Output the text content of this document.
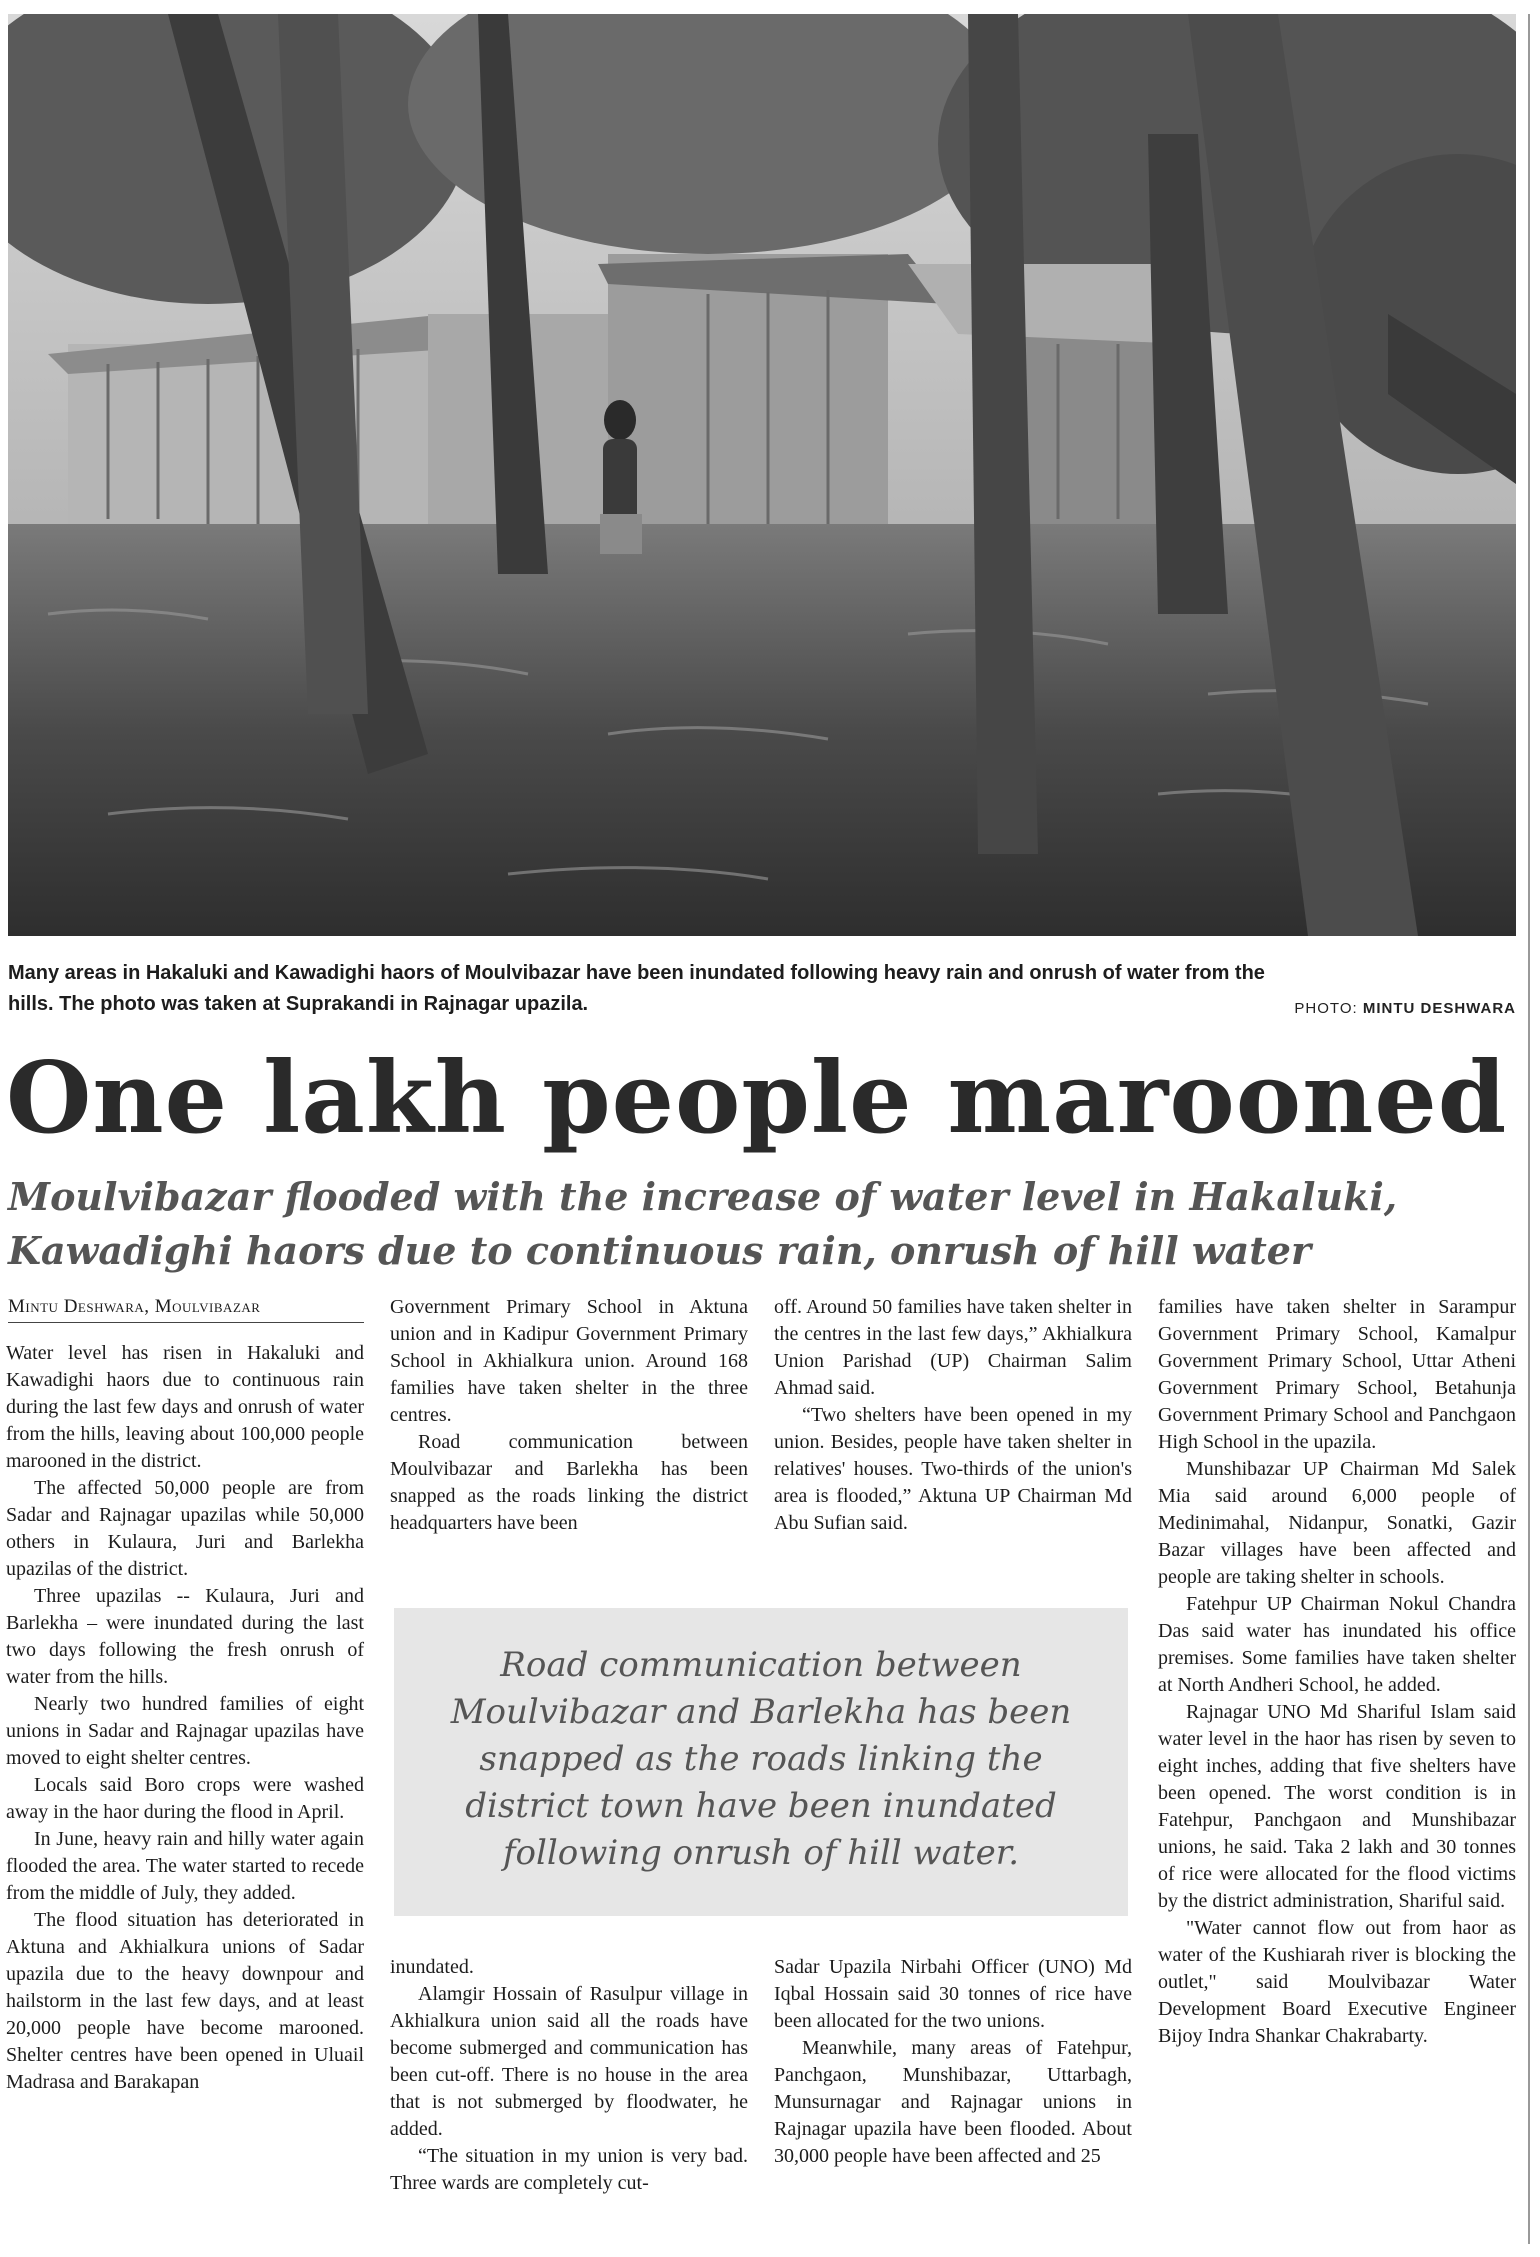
Many areas in Hakaluki and Kawadighi haors of Moulvibazar have been inundated following heavy rain and onrush of water from the hills. The photo was taken at Suprakandi in Rajnagar upazila.	PHOTO: MINTU DESHWARA
One lakh people marooned
Moulvibazar flooded with the increase of water level in Hakaluki, Kawadighi haors due to continuous rain, onrush of hill water
Mintu Deshwara, Moulvibazar

Water level has risen in Hakaluki and Kawadighi haors due to continuous rain during the last few days and onrush of water from the hills, leaving about 100,000 people marooned in the district.

The affected 50,000 people are from Sadar and Rajnagar upazilas while 50,000 others in Kulaura, Juri and Barlekha upazilas of the district.

Three upazilas -- Kulaura, Juri and Barlekha – were inundated during the last two days following the fresh onrush of water from the hills.

Nearly two hundred families of eight unions in Sadar and Rajnagar upazilas have moved to eight shelter centres.

Locals said Boro crops were washed away in the haor during the flood in April.

In June, heavy rain and hilly water again flooded the area. The water started to recede from the middle of July, they added.

The flood situation has deteriorated in Aktuna and Akhialkura unions of Sadar upazila due to the heavy downpour and hailstorm in the last few days, and at least 20,000 people have become marooned. Shelter centres have been opened in Uluail Madrasa and Barakapan

Government Primary School in Aktuna union and in Kadipur Government Primary School in Akhialkura union. Around 168 families have taken shelter in the three centres.

Road communication between Moulvibazar and Barlekha has been snapped as the roads linking the district headquarters have been

off. Around 50 families have taken shelter in the centres in the last few days,” Akhialkura Union Parishad (UP) Chairman Salim Ahmad said.

“Two shelters have been opened in my union. Besides, people have taken shelter in relatives' houses. Two-thirds of the union's area is flooded,” Aktuna UP Chairman Md Abu Sufian said.

families have taken shelter in Sarampur Government Primary School, Kamalpur Government Primary School, Uttar Atheni Government Primary School, Betahunja Government Primary School and Panchgaon High School in the upazila.

Munshibazar UP Chairman Md Salek Mia said around 6,000 people of Medinimahal, Nidanpur, Sonatki, Gazir Bazar villages have been affected and people are taking shelter in schools.

Fatehpur UP Chairman Nokul Chandra Das said water has inundated his office premises. Some families have taken shelter at North Andheri School, he added.

Rajnagar UNO Md Shariful Islam said water level in the haor has risen by seven to eight inches, adding that five shelters have been opened. The worst condition is in Fatehpur, Panchgaon and Munshibazar unions, he said. Taka 2 lakh and 30 tonnes of rice were allocated for the flood victims by the district administration, Shariful said.

"Water cannot flow out from haor as water of the Kushiarah river is blocking the outlet," said Moulvibazar Water Development Board Executive Engineer Bijoy Indra Shankar Chakrabarty.

Road communication between Moulvibazar and Barlekha has been snapped as the roads linking the district town have been inundated following onrush of hill water.

inundated.

Alamgir Hossain of Rasulpur village in Akhialkura union said all the roads have become submerged and communication has been cut-off. There is no house in the area that is not submerged by floodwater, he added.

“The situation in my union is very bad. Three wards are completely cut-

Sadar Upazila Nirbahi Officer (UNO) Md Iqbal Hossain said 30 tonnes of rice have been allocated for the two unions.

Meanwhile, many areas of Fatehpur, Panchgaon, Munshibazar, Uttarbagh, Munsurnagar and Rajnagar unions in Rajnagar upazila have been flooded. About 30,000 people have been affected and 25
